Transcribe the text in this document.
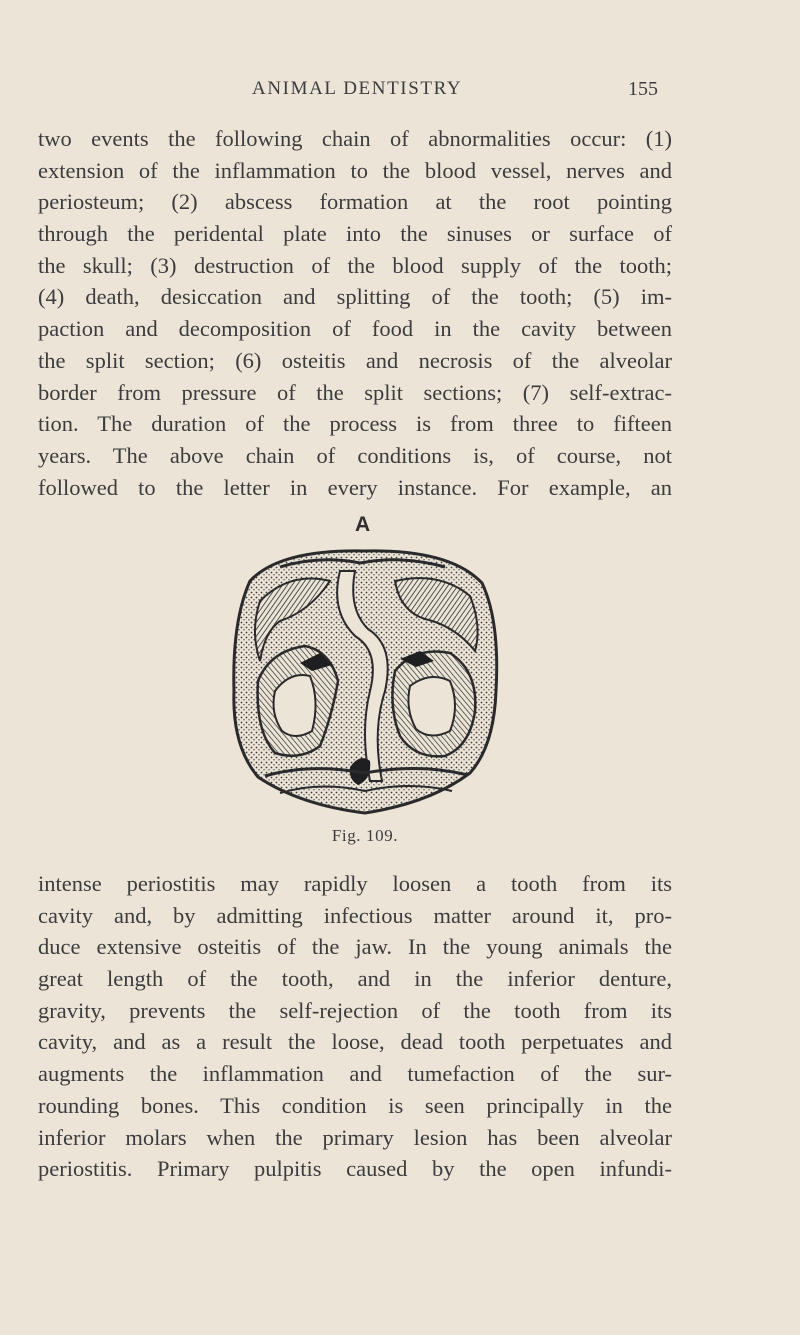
ANIMAL DENTISTRY	155
two events the following chain of abnormalities occur: (1)
extension of the inflammation to the blood vessel, nerves and
periosteum; (2) abscess formation at the root pointing
through the peridental plate into the sinuses or surface of
the skull; (3) destruction of the blood supply of the tooth;
(4) death, desiccation and splitting of the tooth; (5) im-
paction and decomposition of food in the cavity between
the split section; (6) osteitis and necrosis of the alveolar
border from pressure of the split sections; (7) self-extrac-
tion. The duration of the process is from three to fifteen
years. The above chain of conditions is, of course, not
followed to the letter in every instance. For example, an
A
Fig. 109.
intense periostitis may rapidly loosen a tooth from its
cavity and, by admitting infectious matter around it, pro-
duce extensive osteitis of the jaw. In the young animals the
great length of the tooth, and in the inferior denture,
gravity, prevents the self-rejection of the tooth from its
cavity, and as a result the loose, dead tooth perpetuates and
augments the inflammation and tumefaction of the sur-
rounding bones. This condition is seen principally in the
inferior molars when the primary lesion has been alveolar
periostitis. Primary pulpitis caused by the open infundi-
